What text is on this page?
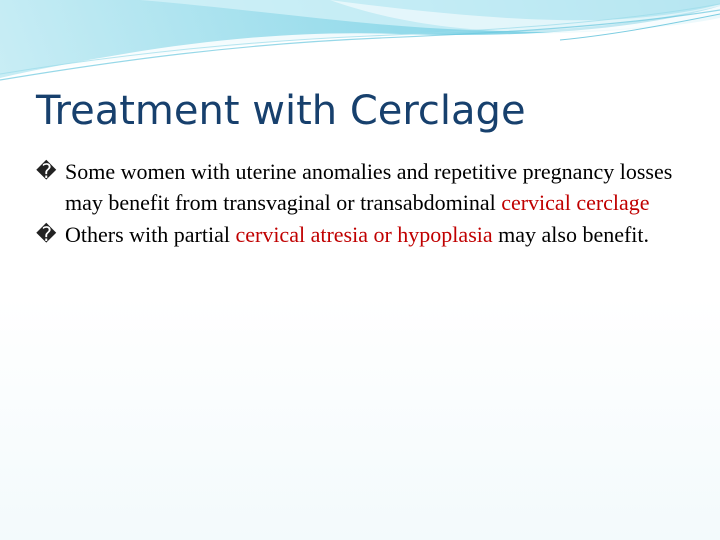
Treatment with Cerclage

� Some women with uterine anomalies and repetitive pregnancy losses may benefit from transvaginal or transabdominal cervical cerclage

� Others with partial cervical atresia or hypoplasia may also benefit.
